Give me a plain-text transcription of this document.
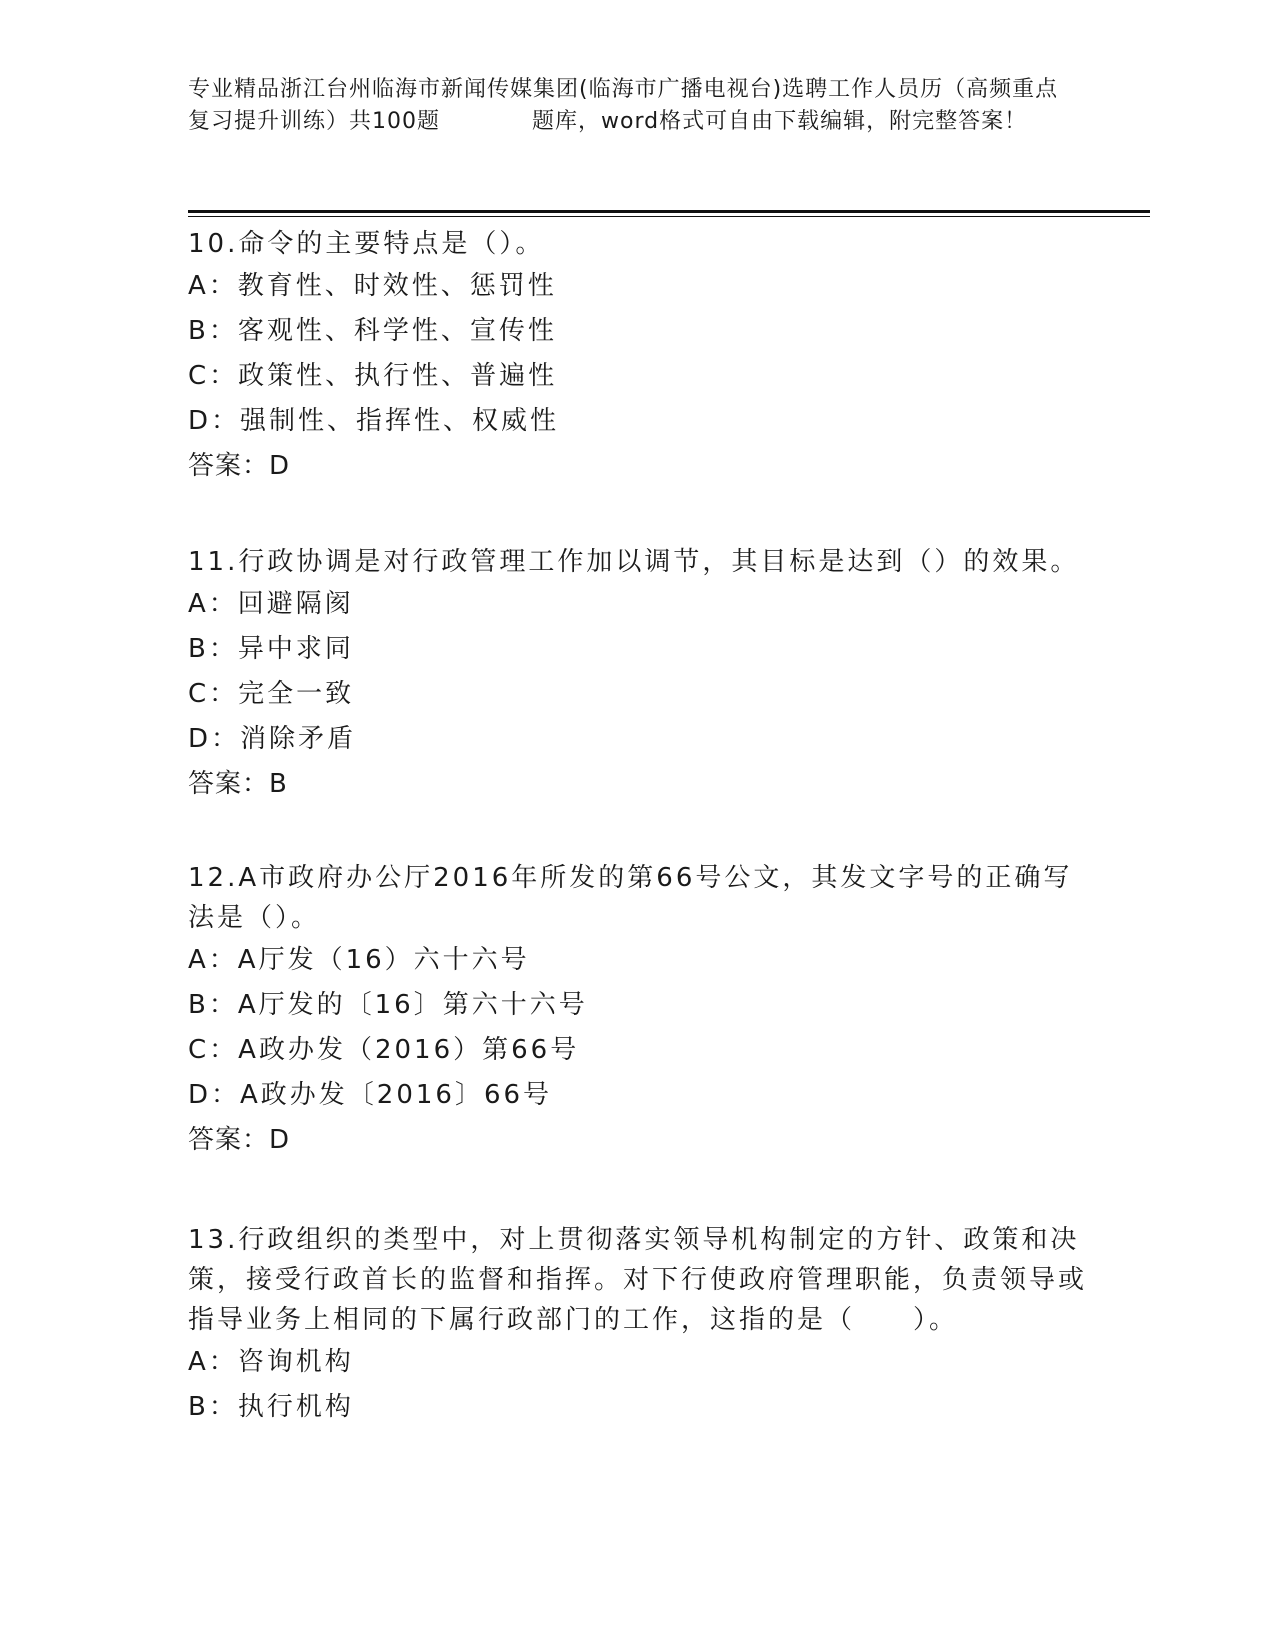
专业精品浙江台州临海市新闻传媒集团(临海市广播电视台)选聘工作人员历（高频重点复习提升训练）共100题　　　　题库，word格式可自由下载编辑，附完整答案！

10.命令的主要特点是（）。

A：教育性、时效性、惩罚性

B：客观性、科学性、宣传性

C：政策性、执行性、普遍性

D：强制性、指挥性、权威性

答案：D

11.行政协调是对行政管理工作加以调节，其目标是达到（）的效果。

A：回避隔阂

B：异中求同

C：完全一致

D：消除矛盾

答案：B

12.A市政府办公厅2016年所发的第66号公文，其发文字号的正确写法是（）。

A：A厅发（16）六十六号

B：A厅发的〔16〕第六十六号

C：A政办发（2016）第66号

D：A政办发〔2016〕66号

答案：D

13.行政组织的类型中，对上贯彻落实领导机构制定的方针、政策和决策，接受行政首长的监督和指挥。对下行使政府管理职能，负责领导或指导业务上相同的下属行政部门的工作，这指的是（　　）。

A：咨询机构

B：执行机构
